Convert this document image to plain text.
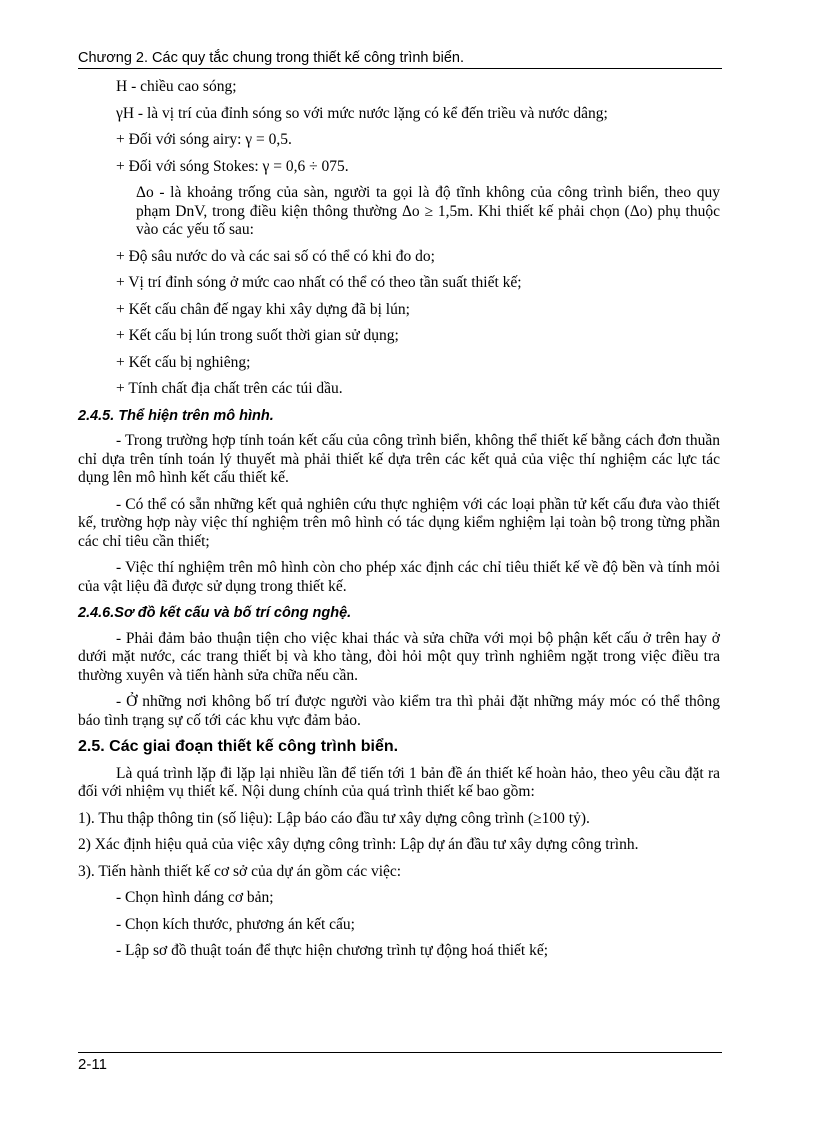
Chương 2. Các quy tắc chung trong thiết kế công trình biển.

H - chiều cao sóng;

γH - là vị trí của đỉnh sóng so với mức nước lặng có kể đến triều và nước dâng;

+ Đối với sóng airy: γ = 0,5.

+ Đối với sóng Stokes: γ = 0,6 ÷ 075.

Δo - là khoảng trống của sàn, người ta gọi là độ tĩnh không của công trình biển, theo quy phạm DnV, trong điều kiện thông thường Δo ≥ 1,5m. Khi thiết kế phải chọn (Δo) phụ thuộc vào các yếu tố sau:

+ Độ sâu nước do và các sai số có thể có khi đo do;

+ Vị trí đỉnh sóng ở mức cao nhất có thể có theo tần suất thiết kế;

+ Kết cấu chân đế ngay khi xây dựng đã bị lún;

+ Kết cấu bị lún trong suốt thời gian sử dụng;

+ Kết cấu bị nghiêng;

+ Tính chất địa chất trên các túi dầu.

2.4.5. Thể hiện trên mô hình.

- Trong trường hợp tính toán kết cấu của công trình biển, không thể thiết kế bằng cách đơn thuần chỉ dựa trên tính toán lý thuyết mà phải thiết kế dựa trên các kết quả của việc thí nghiệm các lực tác dụng lên mô hình kết cấu thiết kế.

- Có thể có sẵn những kết quả nghiên cứu thực nghiệm với các loại phần tử kết cấu đưa vào thiết kế, trường hợp này việc thí nghiệm trên mô hình có tác dụng kiểm nghiệm lại toàn bộ trong từng phần các chỉ tiêu cần thiết;

- Việc thí nghiệm trên mô hình còn cho phép xác định các chỉ tiêu thiết kế về độ bền và tính mỏi của vật liệu đã được sử dụng trong thiết kế.

2.4.6.Sơ đồ kết cấu và bố trí công nghệ.

- Phải đảm bảo thuận tiện cho việc khai thác và sửa chữa với mọi bộ phận kết cấu ở trên hay ở dưới mặt nước, các trang thiết bị và kho tàng, đòi hỏi một quy trình nghiêm ngặt trong việc điều tra thường xuyên và tiến hành sửa chữa nếu cần.

- Ở những nơi không bố trí được người vào kiểm tra thì phải đặt những máy móc có thể thông báo tình trạng sự cố tới các khu vực đảm bảo.

2.5. Các giai đoạn thiết kế công trình biển.

Là quá trình lặp đi lặp lại nhiều lần để tiến tới 1 bản đề án thiết kế hoàn hảo, theo yêu cầu đặt ra đối với nhiệm vụ thiết kế. Nội dung chính của quá trình thiết kế bao gồm:

1). Thu thập thông tin (số liệu): Lập báo cáo đầu tư xây dựng công trình (≥100 tỷ).

2) Xác định hiệu quả của việc xây dựng công trình: Lập dự án đầu tư xây dựng công trình.

3). Tiến hành thiết kế cơ sở của dự án gồm các việc:

- Chọn hình dáng cơ bản;

- Chọn kích thước, phương án kết cấu;

- Lập sơ đồ thuật toán để thực hiện chương trình tự động hoá thiết kế;

2-11
